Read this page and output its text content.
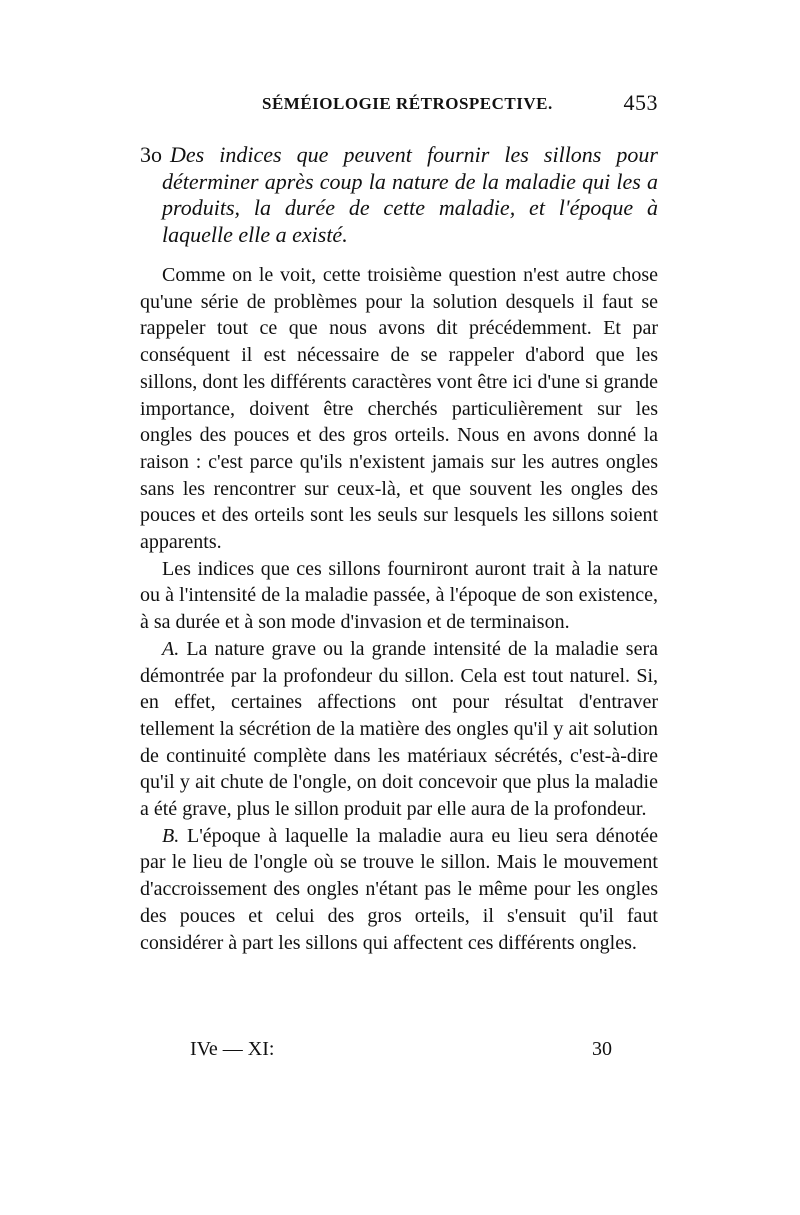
SÉMÉIOLOGIE RÉTROSPECTIVE.	453
3o Des indices que peuvent fournir les sillons pour déterminer après coup la nature de la maladie qui les a produits, la durée de cette maladie, et l'époque à laquelle elle a existé.

Comme on le voit, cette troisième question n'est autre chose qu'une série de problèmes pour la solution desquels il faut se rappeler tout ce que nous avons dit précédemment. Et par conséquent il est nécessaire de se rappeler d'abord que les sillons, dont les différents caractères vont être ici d'une si grande importance, doivent être cherchés particulièrement sur les ongles des pouces et des gros orteils. Nous en avons donné la raison : c'est parce qu'ils n'existent jamais sur les autres ongles sans les rencontrer sur ceux-là, et que souvent les ongles des pouces et des orteils sont les seuls sur lesquels les sillons soient apparents.

Les indices que ces sillons fourniront auront trait à la nature ou à l'intensité de la maladie passée, à l'époque de son existence, à sa durée et à son mode d'invasion et de terminaison.

A. La nature grave ou la grande intensité de la maladie sera démontrée par la profondeur du sillon. Cela est tout naturel. Si, en effet, certaines affections ont pour résultat d'entraver tellement la sécrétion de la matière des ongles qu'il y ait solution de continuité complète dans les matériaux sécrétés, c'est-à-dire qu'il y ait chute de l'ongle, on doit concevoir que plus la maladie a été grave, plus le sillon produit par elle aura de la profondeur.

B. L'époque à laquelle la maladie aura eu lieu sera dénotée par le lieu de l'ongle où se trouve le sillon. Mais le mouvement d'accroissement des ongles n'étant pas le même pour les ongles des pouces et celui des gros orteils, il s'ensuit qu'il faut considérer à part les sillons qui affectent ces différents ongles.

IVe — XI:	30
